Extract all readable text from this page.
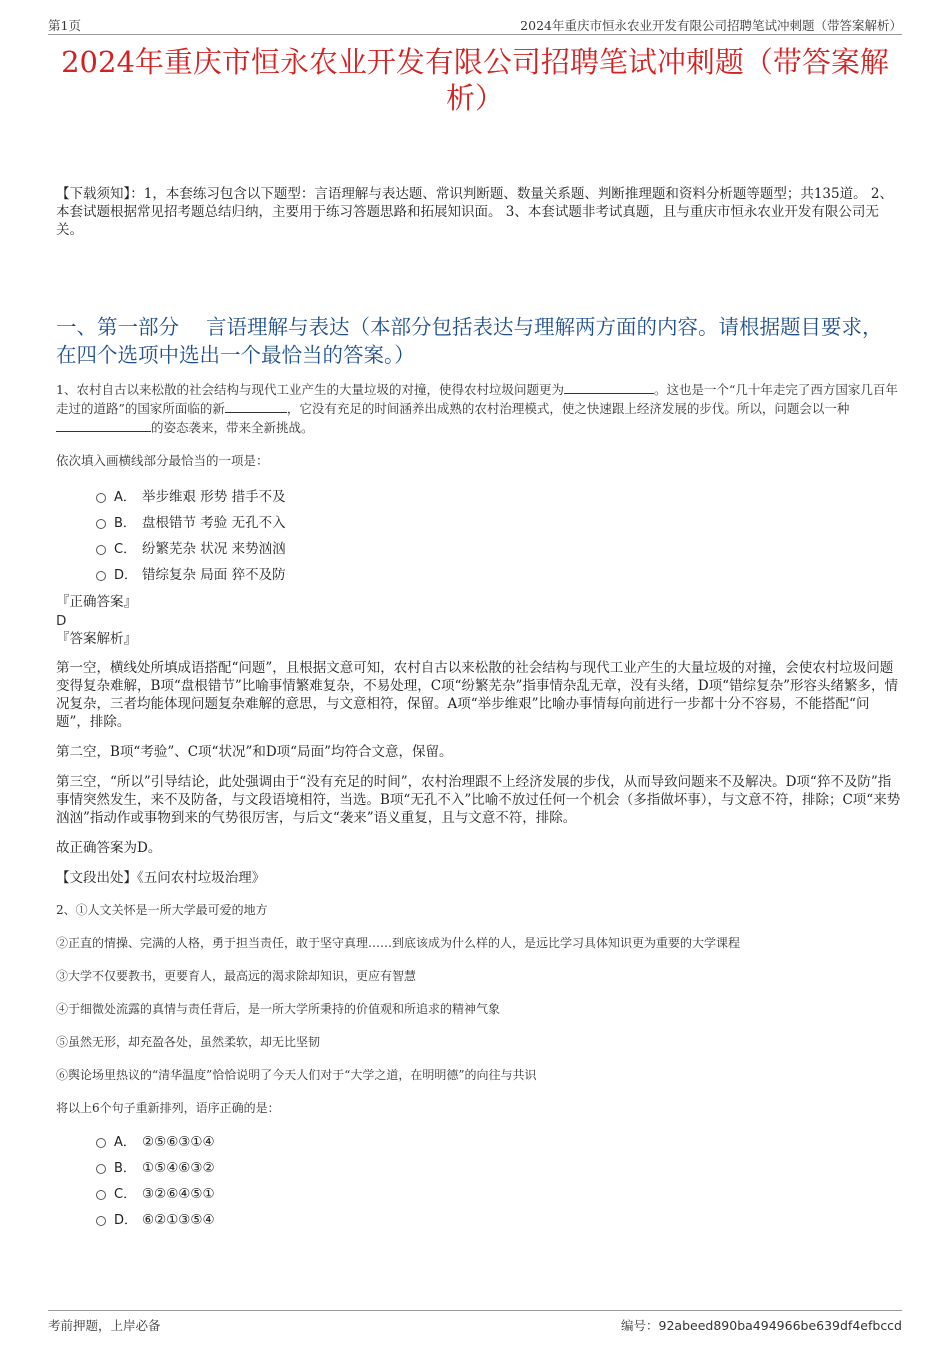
第1页	2024年重庆市恒永农业开发有限公司招聘笔试冲刺题（带答案解析）
2024年重庆市恒永农业开发有限公司招聘笔试冲刺题（带答案解析）
【下载须知】：1，本套练习包含以下题型：言语理解与表达题、常识判断题、数量关系题、判断推理题和资料分析题等题型；共135道。 2、本套试题根据常见招考题总结归纳，主要用于练习答题思路和拓展知识面。 3、本套试题非考试真题，且与重庆市恒永农业开发有限公司无关。
一、第一部分　 言语理解与表达（本部分包括表达与理解两方面的内容。请根据题目要求，在四个选项中选出一个最恰当的答案。）

1、农村自古以来松散的社会结构与现代工业产生的大量垃圾的对撞，使得农村垃圾问题更为	。这也是一个“几十年走完了西方国家几百年走过的道路”的国家所面临的新	，它没有充足的时间涵养出成熟的农村治理模式，使之快速跟上经济发展的步伐。所以，问题会以一种的姿态袭来，带来全新挑战。

依次填入画横线部分最恰当的一项是：

A． 举步维艰 形势 措手不及
B． 盘根错节 考验 无孔不入
C． 纷繁芜杂 状况 来势汹汹
D． 错综复杂 局面 猝不及防
『正确答案』
D
『答案解析』

第一空，横线处所填成语搭配“问题”，且根据文意可知，农村自古以来松散的社会结构与现代工业产生的大量垃圾的对撞，会使农村垃圾问题变得复杂难解，B项“盘根错节”比喻事情繁难复杂，不易处理，C项“纷繁芜杂”指事情杂乱无章，没有头绪，D项“错综复杂”形容头绪繁多，情况复杂，三者均能体现问题复杂难解的意思，与文意相符，保留。A项“举步维艰”比喻办事情每向前进行一步都十分不容易，不能搭配“问题”，排除。

第二空，B项“考验”、C项“状况”和D项“局面”均符合文意，保留。

第三空，“所以”引导结论，此处强调由于“没有充足的时间”，农村治理跟不上经济发展的步伐，从而导致问题来不及解决。D项“猝不及防”指事情突然发生，来不及防备，与文段语境相符，当选。B项“无孔不入”比喻不放过任何一个机会（多指做坏事），与文意不符，排除；C项“来势汹汹”指动作或事物到来的气势很厉害，与后文“袭来”语义重复，且与文意不符，排除。

故正确答案为D。

【文段出处】《五问农村垃圾治理》

2、①人文关怀是一所大学最可爱的地方

②正直的情操、完满的人格，勇于担当责任，敢于坚守真理……到底该成为什么样的人，是远比学习具体知识更为重要的大学课程

③大学不仅要教书，更要育人，最高远的渴求除却知识，更应有智慧

④于细微处流露的真情与责任背后，是一所大学所秉持的价值观和所追求的精神气象

⑤虽然无形，却充盈各处，虽然柔软，却无比坚韧

⑥舆论场里热议的“清华温度”恰恰说明了今天人们对于“大学之道，在明明德”的向往与共识

将以上6个句子重新排列，语序正确的是：

A． ②⑤⑥③①④
B． ①⑤④⑥③②
C． ③②⑥④⑤①
D． ⑥②①③⑤④
考前押题，上岸必备	编号：92abeed890ba494966be639df4efbccd
